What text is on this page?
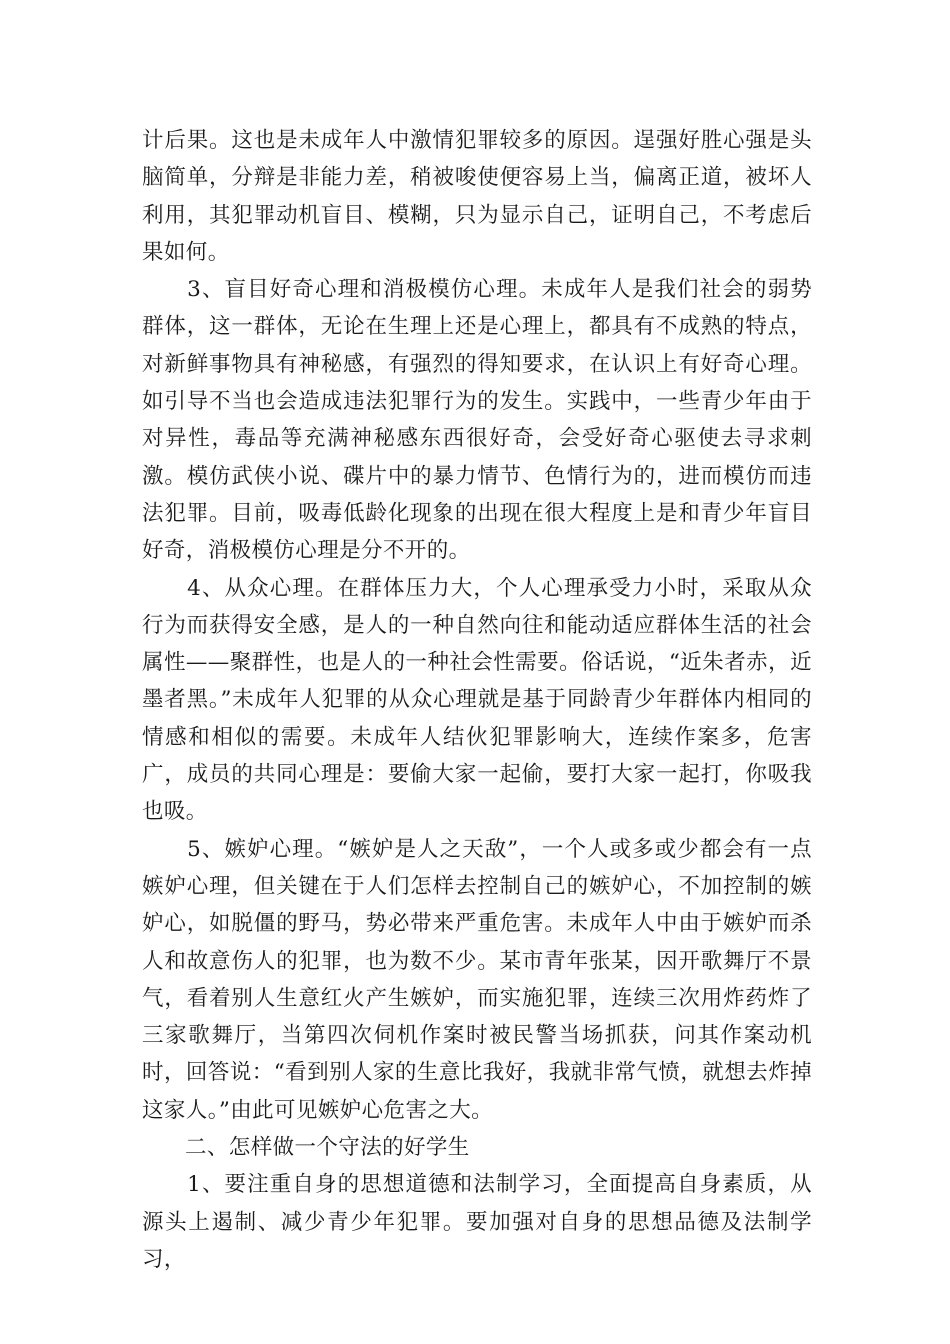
计后果。这也是未成年人中激情犯罪较多的原因。逞强好胜心强是头脑简单，分辩是非能力差，稍被唆使便容易上当，偏离正道，被坏人利用，其犯罪动机盲目、模糊，只为显示自己，证明自己，不考虑后果如何。

3、盲目好奇心理和消极模仿心理。未成年人是我们社会的弱势群体，这一群体，无论在生理上还是心理上，都具有不成熟的特点，对新鲜事物具有神秘感，有强烈的得知要求，在认识上有好奇心理。如引导不当也会造成违法犯罪行为的发生。实践中，一些青少年由于对异性，毒品等充满神秘感东西很好奇，会受好奇心驱使去寻求刺激。模仿武侠小说、碟片中的暴力情节、色情行为的，进而模仿而违法犯罪。目前，吸毒低龄化现象的出现在很大程度上是和青少年盲目好奇，消极模仿心理是分不开的。

4、从众心理。在群体压力大，个人心理承受力小时，采取从众行为而获得安全感，是人的一种自然向往和能动适应群体生活的社会属性——聚群性，也是人的一种社会性需要。俗话说，“近朱者赤，近墨者黑。”未成年人犯罪的从众心理就是基于同龄青少年群体内相同的情感和相似的需要。未成年人结伙犯罪影响大，连续作案多，危害广，成员的共同心理是：要偷大家一起偷，要打大家一起打，你吸我也吸。

5、嫉妒心理。“嫉妒是人之天敌”，一个人或多或少都会有一点嫉妒心理，但关键在于人们怎样去控制自己的嫉妒心，不加控制的嫉妒心，如脱僵的野马，势必带来严重危害。未成年人中由于嫉妒而杀人和故意伤人的犯罪，也为数不少。某市青年张某，因开歌舞厅不景气，看着别人生意红火产生嫉妒，而实施犯罪，连续三次用炸药炸了三家歌舞厅，当第四次伺机作案时被民警当场抓获，问其作案动机时，回答说：“看到别人家的生意比我好，我就非常气愤，就想去炸掉这家人。”由此可见嫉妒心危害之大。

二、怎样做一个守法的好学生

1、要注重自身的思想道德和法制学习，全面提高自身素质，从源头上遏制、减少青少年犯罪。要加强对自身的思想品德及法制学习，
